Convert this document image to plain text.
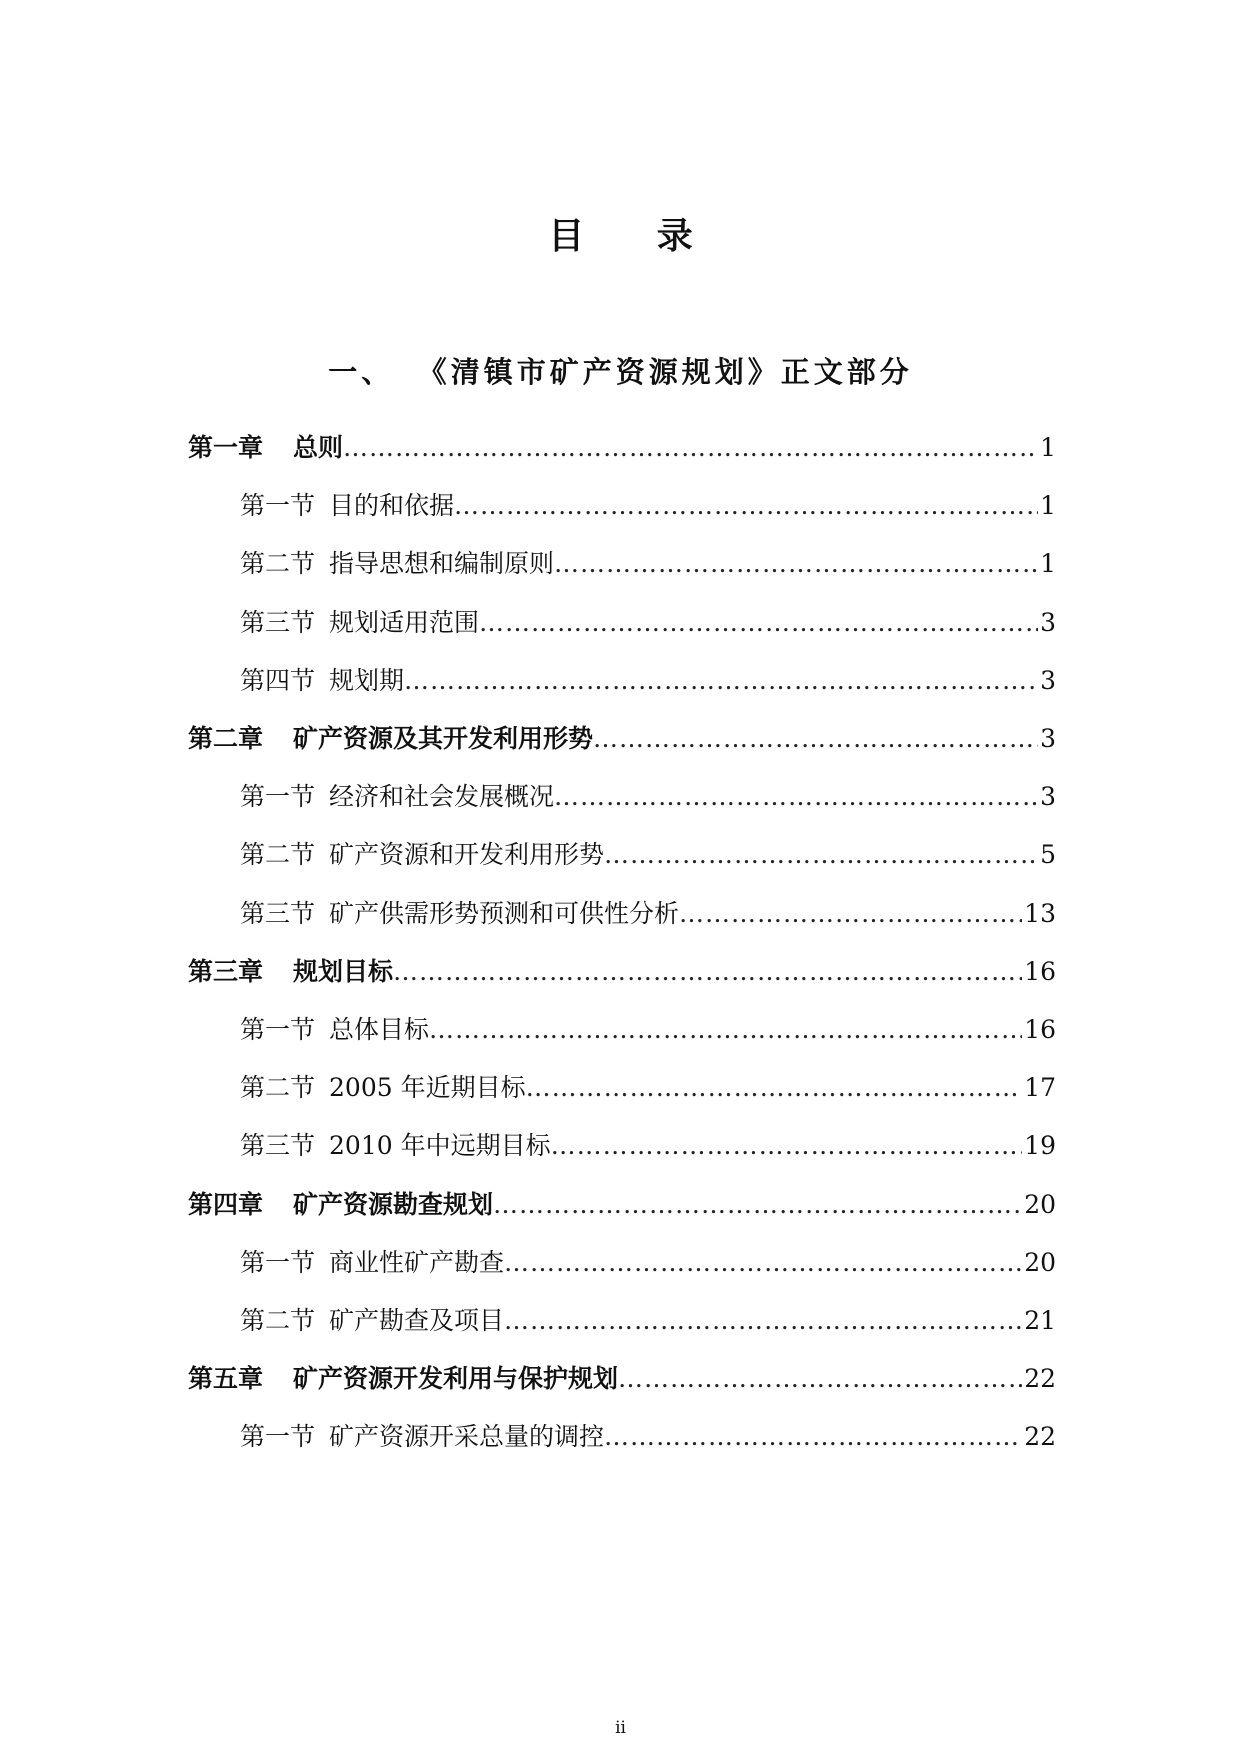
目 录
一、 《清镇市矿产资源规划》正文部分
第一章 总则 ……………………………………………………………………………………………………………………………………………	1
第一节 目的和依据 ……………………………………………………………………………………………………………………………………………	1
第二节 指导思想和编制原则 ……………………………………………………………………………………………………………………………………………	1
第三节 规划适用范围 ……………………………………………………………………………………………………………………………………………	3
第四节 规划期 ……………………………………………………………………………………………………………………………………………	3
第二章 矿产资源及其开发利用形势 ……………………………………………………………………………………………………………………………………………	3
第一节 经济和社会发展概况 ……………………………………………………………………………………………………………………………………………	3
第二节 矿产资源和开发利用形势 ……………………………………………………………………………………………………………………………………………	5
第三节 矿产供需形势预测和可供性分析 ……………………………………………………………………………………………………………………………………………	13
第三章 规划目标 ……………………………………………………………………………………………………………………………………………	16
第一节 总体目标 ……………………………………………………………………………………………………………………………………………	16
第二节 2005 年近期目标 ……………………………………………………………………………………………………………………………………………	17
第三节 2010 年中远期目标 ……………………………………………………………………………………………………………………………………………	19
第四章 矿产资源勘查规划 ……………………………………………………………………………………………………………………………………………	20
第一节 商业性矿产勘查 ……………………………………………………………………………………………………………………………………………	20
第二节 矿产勘查及项目 ……………………………………………………………………………………………………………………………………………	21
第五章 矿产资源开发利用与保护规划 ……………………………………………………………………………………………………………………………………………	22
第一节 矿产资源开采总量的调控 ……………………………………………………………………………………………………………………………………………	22
ii
